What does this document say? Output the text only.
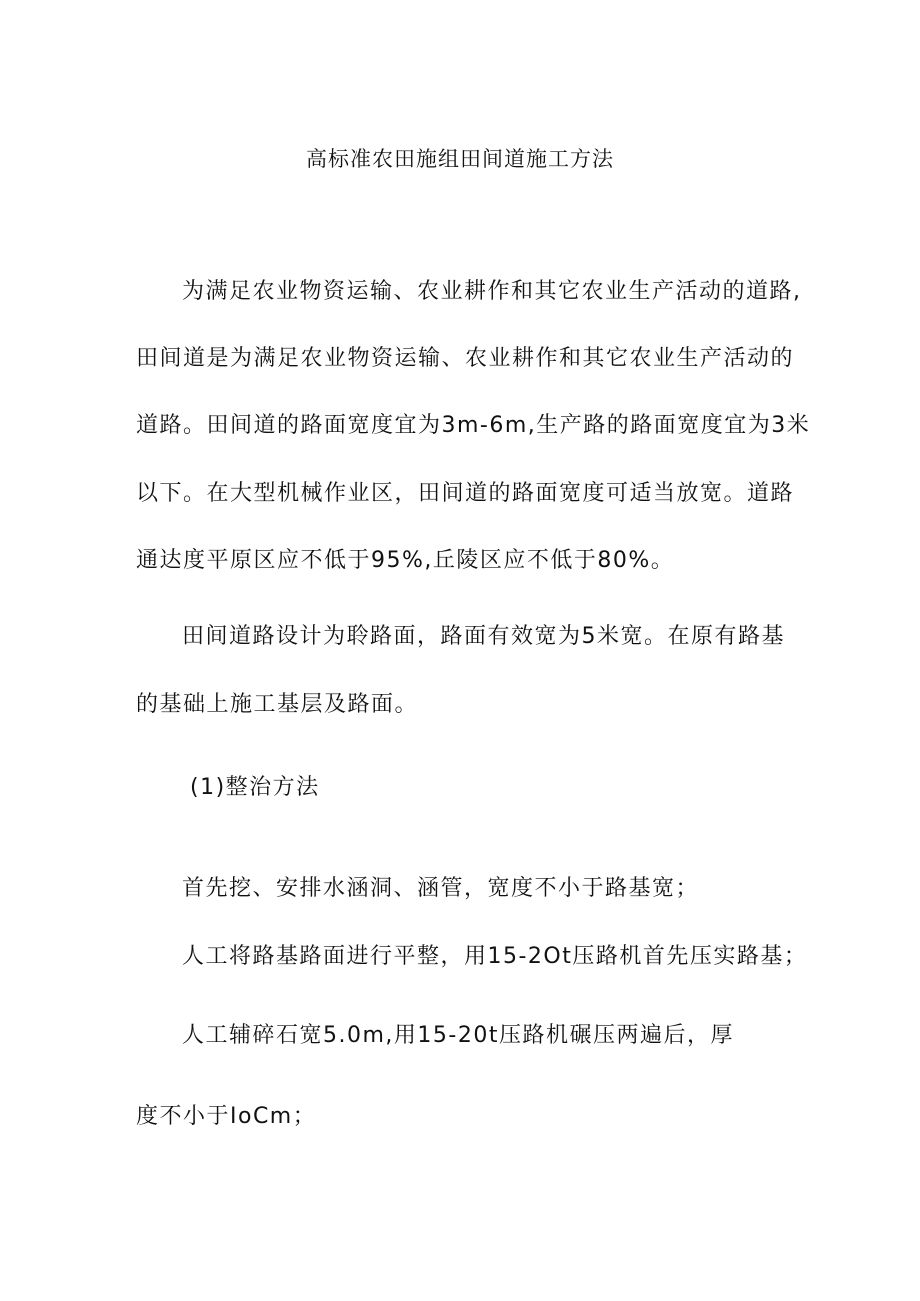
高标准农田施组田间道施工方法
为满足农业物资运输、农业耕作和其它农业生产活动的道路,
田间道是为满足农业物资运输、农业耕作和其它农业生产活动的
道路。田间道的路面宽度宜为3m-6m,生产路的路面宽度宜为3米
以下。在大型机械作业区，田间道的路面宽度可适当放宽。道路
通达度平原区应不低于95%,丘陵区应不低于80%。
田间道路设计为聆路面，路面有效宽为5米宽。在原有路基
的基础上施工基层及路面。
(1)整治方法
首先挖、安排水涵洞、涵管，宽度不小于路基宽；
人工将路基路面进行平整，用15-2Ot压路机首先压实路基；
人工辅碎石宽5.0m,用15-20t压路机碾压两遍后，厚
度不小于IoCm；
